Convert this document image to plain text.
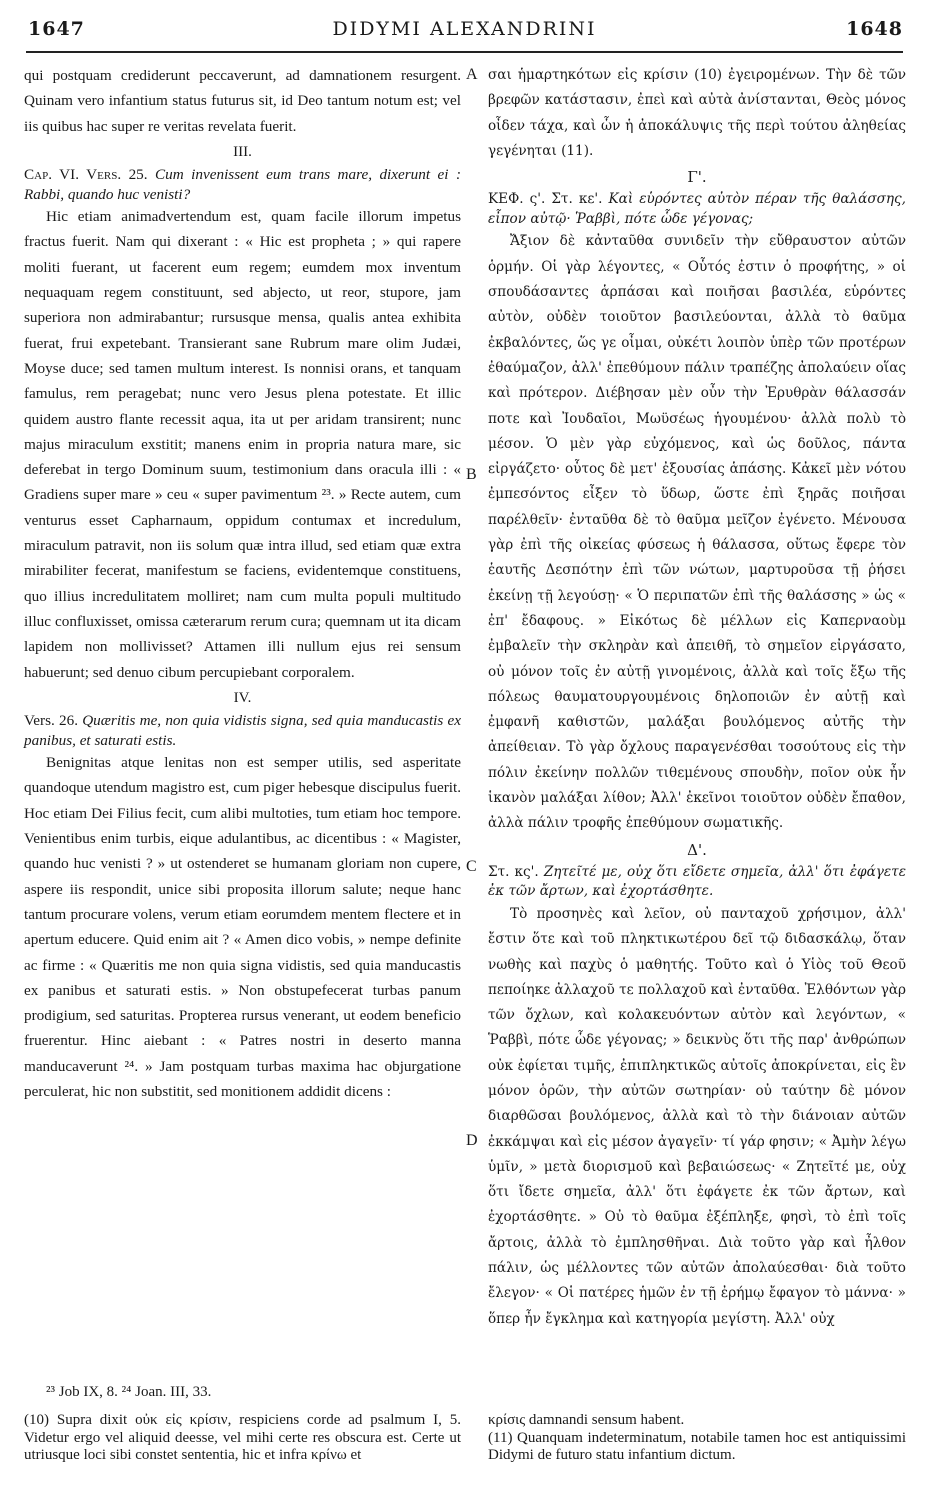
1647	DIDYMI ALEXANDRINI	1648

qui postquam crediderunt peccaverunt, ad damnationem resurgent. Quinam vero infantium status futurus sit, id Deo tantum notum est; vel iis quibus hac super re veritas revelata fuerit.

III.

Cap. VI. Vers. 25. Cum invenissent eum trans mare, dixerunt ei : Rabbi, quando huc venisti?

Hic etiam animadvertendum est, quam facile illorum impetus fractus fuerit. Nam qui dixerant : « Hic est propheta ; » qui rapere moliti fuerant, ut facerent eum regem; eumdem mox inventum nequaquam regem constituunt, sed abjecto, ut reor, stupore, jam superiora non admirabantur; rursusque mensa, qualis antea exhibita fuerat, frui expetebant. Transierant sane Rubrum mare olim Judæi, Moyse duce; sed tamen multum interest. Is nonnisi orans, et tanquam famulus, rem peragebat; nunc vero Jesus plena potestate. Et illic quidem austro flante recessit aqua, ita ut per aridam transirent; nunc majus miraculum exstitit; manens enim in propria natura mare, sic deferebat in tergo Dominum suum, testimonium dans oracula illi : « Gradiens super mare » ceu « super pavimentum ²³. » Recte autem, cum venturus esset Capharnaum, oppidum contumax et incredulum, miraculum patravit, non iis solum quæ intra illud, sed etiam quæ extra mirabiliter fecerat, manifestum se faciens, evidentemque constituens, quo illius incredulitatem molliret; nam cum multa populi multitudo illuc confluxisset, omissa cæterarum rerum cura; quemnam ut ita dicam lapidem non mollivisset? Attamen illi nullum ejus rei sensum habuerunt; sed denuo cibum percupiebant corporalem.

IV.

Vers. 26. Quæritis me, non quia vidistis signa, sed quia manducastis ex panibus, et saturati estis.

Benignitas atque lenitas non est semper utilis, sed asperitate quandoque utendum magistro est, cum piger hebesque discipulus fuerit. Hoc etiam Dei Filius fecit, cum alibi multoties, tum etiam hoc tempore. Venientibus enim turbis, eique adulantibus, ac dicentibus : « Magister, quando huc venisti ? » ut ostenderet se humanam gloriam non cupere, aspere iis respondit, unice sibi proposita illorum salute; neque hanc tantum procurare volens, verum etiam eorumdem mentem flectere et in apertum educere. Quid enim ait ? « Amen dico vobis, » nempe definite ac firme : « Quæritis me non quia signa vidistis, sed quia manducastis ex panibus et saturati estis. » Non obstupefecerat turbas panum prodigium, sed saturitas. Propterea rursus venerant, ut eodem beneficio fruerentur. Hinc aiebant : « Patres nostri in deserto manna manducaverunt ²⁴. » Jam postquam turbas maxima hac objurgatione perculerat, hic non substitit, sed monitionem addidit dicens :

A
B
C
D

σαι ἡμαρτηκότων εἰς κρίσιν (10) ἐγειρομένων. Τὴν δὲ τῶν βρεφῶν κατάστασιν, ἐπεὶ καὶ αὐτὰ ἀνίστανται, Θεὸς μόνος οἶδεν τάχα, καὶ ὧν ἡ ἀποκάλυψις τῆς περὶ τούτου ἀληθείας γεγένηται (11).

Γ'.

ΚΕΦ. ς'. Στ. κε'. Καὶ εὑρόντες αὐτὸν πέραν τῆς θαλάσσης, εἶπον αὐτῷ· Ῥαββὶ, πότε ὧδε γέγονας;

Ἄξιον δὲ κἀνταῦθα συνιδεῖν τὴν εὔθραυστον αὐτῶν ὁρμήν. Οἱ γὰρ λέγοντες, « Οὗτός ἐστιν ὁ προφήτης, » οἱ σπουδάσαντες ἁρπάσαι καὶ ποιῆσαι βασιλέα, εὑρόντες αὐτὸν, οὐδὲν τοιοῦτον βασιλεύονται, ἀλλὰ τὸ θαῦμα ἐκβαλόντες, ὥς γε οἶμαι, οὐκέτι λοιπὸν ὑπὲρ τῶν προτέρων ἐθαύμαζον, ἀλλ' ἐπεθύμουν πάλιν τραπέζης ἀπολαύειν οἵας καὶ πρότερον. Διέβησαν μὲν οὖν τὴν Ἐρυθρὰν θάλασσάν ποτε καὶ Ἰουδαῖοι, Μωϋσέως ἡγουμένου· ἀλλὰ πολὺ τὸ μέσον. Ὁ μὲν γὰρ εὐχόμενος, καὶ ὡς δοῦλος, πάντα εἰργάζετο· οὗτος δὲ μετ' ἐξουσίας ἁπάσης. Κἀκεῖ μὲν νότου ἐμπεσόντος εἶξεν τὸ ὕδωρ, ὥστε ἐπὶ ξηρᾶς ποιῆσαι παρέλθεῖν· ἐνταῦθα δὲ τὸ θαῦμα μεῖζον ἐγένετο. Μένουσα γὰρ ἐπὶ τῆς οἰκείας φύσεως ἡ θάλασσα, οὕτως ἔφερε τὸν ἑαυτῆς Δεσπότην ἐπὶ τῶν νώτων, μαρτυροῦσα τῇ ῥήσει ἐκείνῃ τῇ λεγούσῃ· « Ὁ περιπατῶν ἐπὶ τῆς θαλάσσης » ὡς « ἐπ' ἔδαφους. » Εἰκότως δὲ μέλλων εἰς Καπερναοὺμ ἐμβαλεῖν τὴν σκληρὰν καὶ ἀπειθῆ, τὸ σημεῖον εἰργάσατο, οὐ μόνον τοῖς ἐν αὐτῇ γινομένοις, ἀλλὰ καὶ τοῖς ἔξω τῆς πόλεως θαυματουργουμένοις δηλοποιῶν ἐν αὐτῇ καὶ ἐμφανῆ καθιστῶν, μαλάξαι βουλόμενος αὐτῆς τὴν ἀπείθειαν. Τὸ γὰρ ὄχλους παραγενέσθαι τοσούτους εἰς τὴν πόλιν ἐκείνην πολλῶν τιθεμένους σπουδὴν, ποῖον οὐκ ἦν ἱκανὸν μαλάξαι λίθον; Ἀλλ' ἐκεῖνοι τοιοῦτον οὐδὲν ἔπαθον, ἀλλὰ πάλιν τροφῆς ἐπεθύμουν σωματικῆς.

Δ'.

Στ. κς'. Ζητεῖτέ με, οὐχ ὅτι εἴδετε σημεῖα, ἀλλ' ὅτι ἐφάγετε ἐκ τῶν ἄρτων, καὶ ἐχορτάσθητε.

Τὸ προσηνὲς καὶ λεῖον, οὐ πανταχοῦ χρήσιμον, ἀλλ' ἔστιν ὅτε καὶ τοῦ πληκτικωτέρου δεῖ τῷ διδασκάλῳ, ὅταν νωθὴς καὶ παχὺς ὁ μαθητής. Τοῦτο καὶ ὁ Υἱὸς τοῦ Θεοῦ πεποίηκε ἀλλαχοῦ τε πολλαχοῦ καὶ ἐνταῦθα. Ἐλθόντων γὰρ τῶν ὄχλων, καὶ κολακευόντων αὐτὸν καὶ λεγόντων, « Ῥαββὶ, πότε ὧδε γέγονας; » δεικνὺς ὅτι τῆς παρ' ἀνθρώπων οὐκ ἐφίεται τιμῆς, ἐπιπληκτικῶς αὐτοῖς ἀποκρίνεται, εἰς ἓν μόνον ὁρῶν, τὴν αὐτῶν σωτηρίαν· οὐ ταύτην δὲ μόνον διαρθῶσαι βουλόμενος, ἀλλὰ καὶ τὸ τὴν διάνοιαν αὐτῶν ἐκκάμψαι καὶ εἰς μέσον ἀγαγεῖν· τί γάρ φησιν; « Ἀμὴν λέγω ὑμῖν, » μετὰ διορισμοῦ καὶ βεβαιώσεως· « Ζητεῖτέ με, οὐχ ὅτι ἴδετε σημεῖα, ἀλλ' ὅτι ἐφάγετε ἐκ τῶν ἄρτων, καὶ ἐχορτάσθητε. » Οὐ τὸ θαῦμα ἐξέπληξε, φησὶ, τὸ ἐπὶ τοῖς ἄρτοις, ἀλλὰ τὸ ἐμπλησθῆναι. Διὰ τοῦτο γὰρ καὶ ἦλθον πάλιν, ὡς μέλλοντες τῶν αὐτῶν ἀπολαύεσθαι· διὰ τοῦτο ἔλεγον· « Οἱ πατέρες ἡμῶν ἐν τῇ ἐρήμῳ ἔφαγον τὸ μάννα· » ὅπερ ἦν ἔγκλημα καὶ κατηγορία μεγίστη. Ἀλλ' οὐχ

²³ Job IX, 8. ²⁴ Joan. III, 33.

(10) Supra dixit οὐκ εἰς κρίσιν, respiciens corde ad psalmum I, 5. Videtur ergo vel aliquid deesse, vel mihi certe res obscura est. Certe ut utriusque loci sibi constet sententia, hic et infra κρίνω et

κρίσις damnandi sensum habent.

(11) Quanquam indeterminatum, notabile tamen hoc est antiquissimi Didymi de futuro statu infantium dictum.
